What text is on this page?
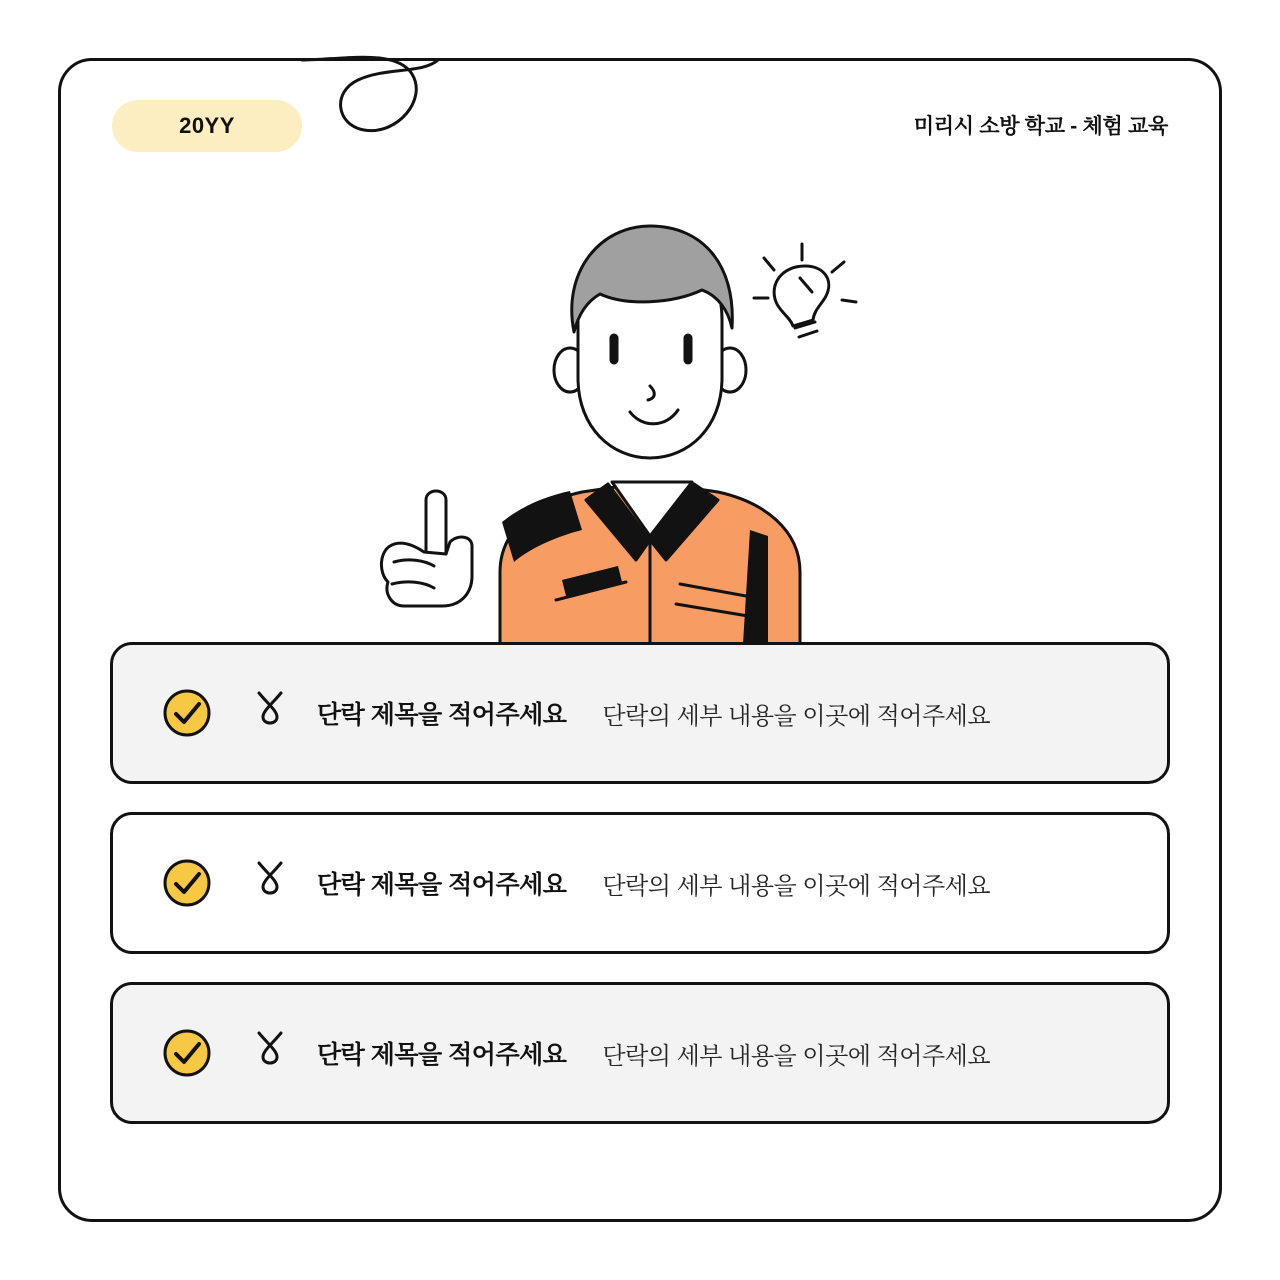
20YY	미리시 소방 학교 - 체험 교육
단락 제목을 적어주세요 단락의 세부 내용을 이곳에 적어주세요
단락 제목을 적어주세요 단락의 세부 내용을 이곳에 적어주세요
단락 제목을 적어주세요 단락의 세부 내용을 이곳에 적어주세요
